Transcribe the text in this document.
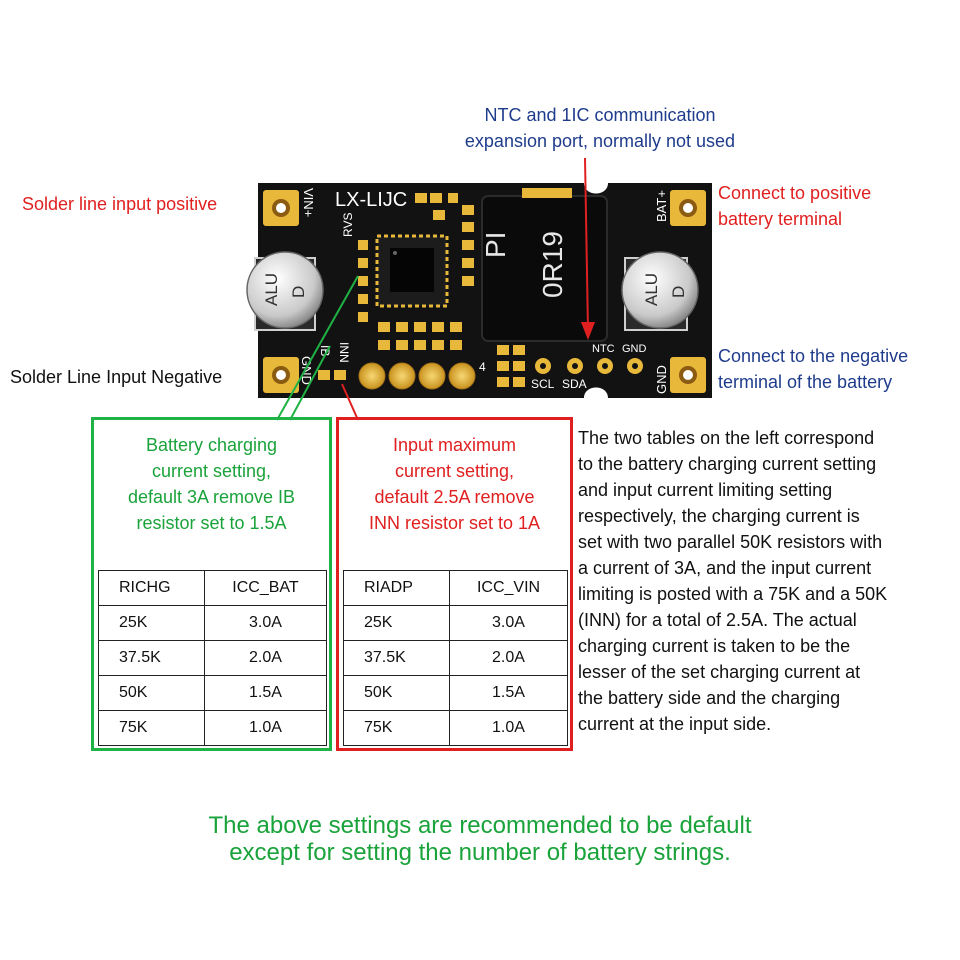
NTC and 1IC communication
expansion port, normally not used
Solder line input positive
Solder Line Input Negative
Connect to positive
battery terminal
Connect to the negative
terminal of the battery
LX-LIJC
VIN+	BAT+
GND	GND
IB INN
RVS
PI 0R19
ALU D	ALU D
NTC GND
SCL SDA
4
Battery charging
current setting,
default 3A remove IB
resistor set to 1.5A
RICHG	ICC_BAT
25K	3.0A
37.5K	2.0A
50K	1.5A
75K	1.0A
Input maximum
current setting,
default 2.5A remove
INN resistor set to 1A
RIADP	ICC_VIN
25K	3.0A
37.5K	2.0A
50K	1.5A
75K	1.0A
The two tables on the left correspond
to the battery charging current setting
and input current limiting setting
respectively, the charging current is
set with two parallel 50K resistors with
a current of 3A, and the input current
limiting is posted with a 75K and a 50K
(INN) for a total of 2.5A. The actual
charging current is taken to be the
lesser of the set charging current at
the battery side and the charging
current at the input side.
The above settings are recommended to be default
except for setting the number of battery strings.
